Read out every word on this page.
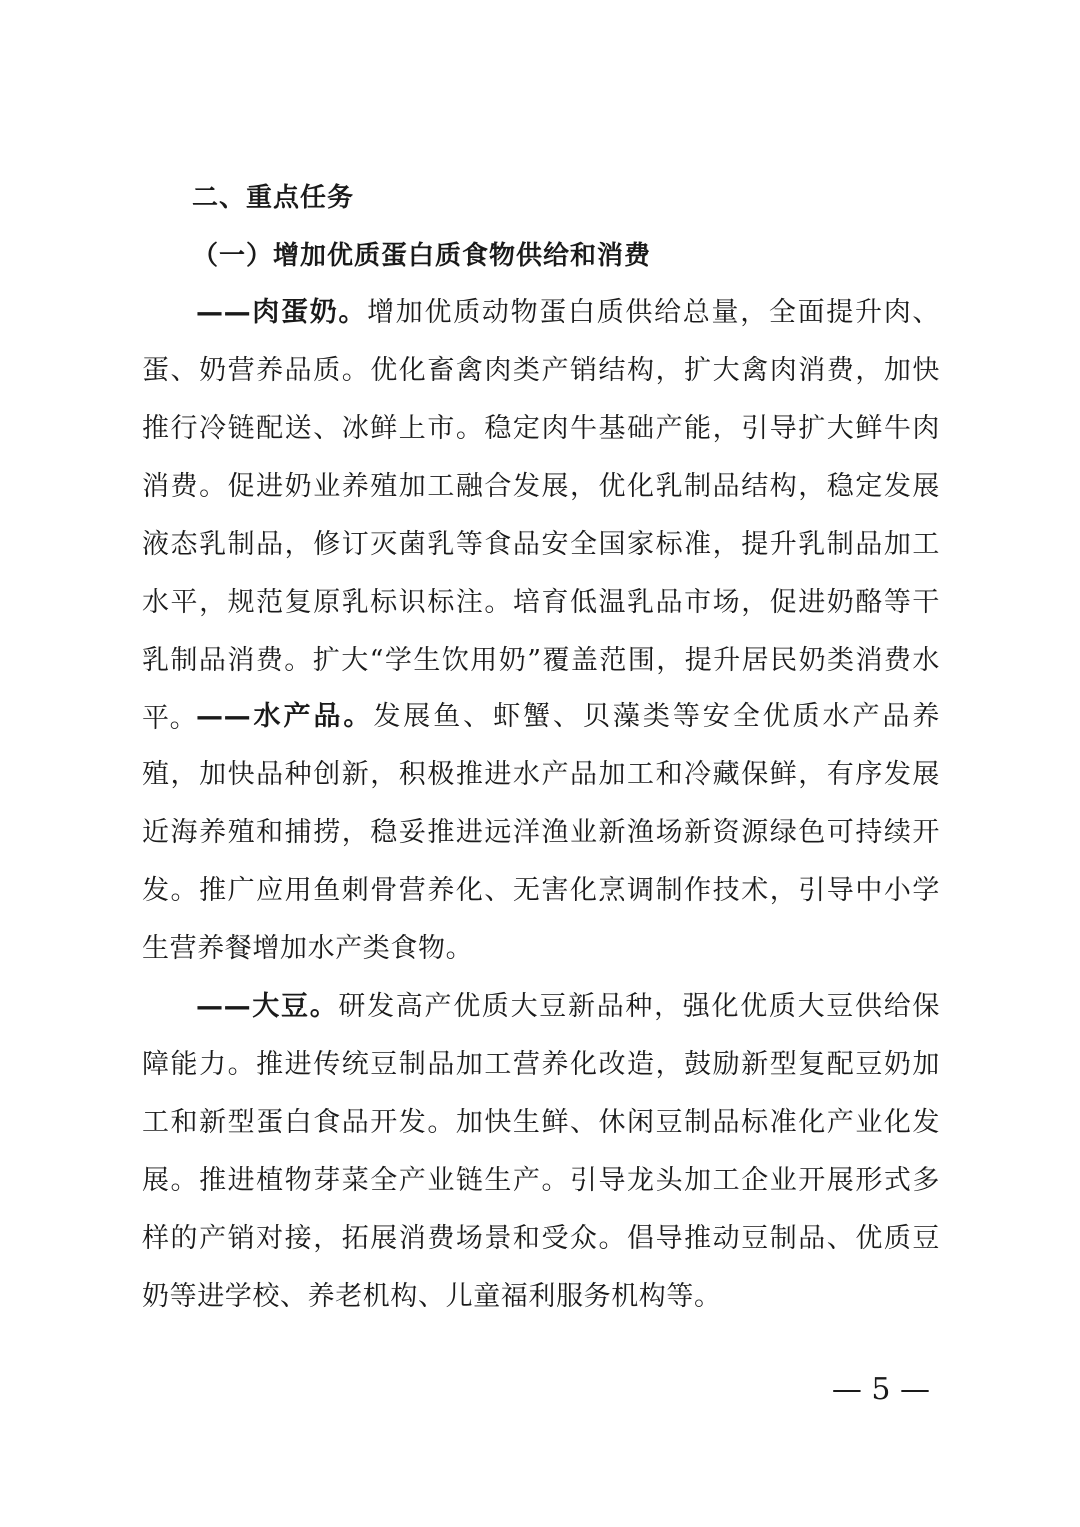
二、重点任务
（一）增加优质蛋白质食物供给和消费

——肉蛋奶。增加优质动物蛋白质供给总量，全面提升肉、蛋、奶营养品质。优化畜禽肉类产销结构，扩大禽肉消费，加快推行冷链配送、冰鲜上市。稳定肉牛基础产能，引导扩大鲜牛肉消费。促进奶业养殖加工融合发展，优化乳制品结构，稳定发展液态乳制品，修订灭菌乳等食品安全国家标准，提升乳制品加工水平，规范复原乳标识标注。培育低温乳品市场，促进奶酪等干乳制品消费。扩大“学生饮用奶”覆盖范围，提升居民奶类消费水平。

——水产品。发展鱼、虾蟹、贝藻类等安全优质水产品养殖，加快品种创新，积极推进水产品加工和冷藏保鲜，有序发展近海养殖和捕捞，稳妥推进远洋渔业新渔场新资源绿色可持续开发。推广应用鱼刺骨营养化、无害化烹调制作技术，引导中小学生营养餐增加水产类食物。

——大豆。研发高产优质大豆新品种，强化优质大豆供给保障能力。推进传统豆制品加工营养化改造，鼓励新型复配豆奶加工和新型蛋白食品开发。加快生鲜、休闲豆制品标准化产业化发展。推进植物芽菜全产业链生产。引导龙头加工企业开展形式多样的产销对接，拓展消费场景和受众。倡导推动豆制品、优质豆奶等进学校、养老机构、儿童福利服务机构等。

— 5 —
